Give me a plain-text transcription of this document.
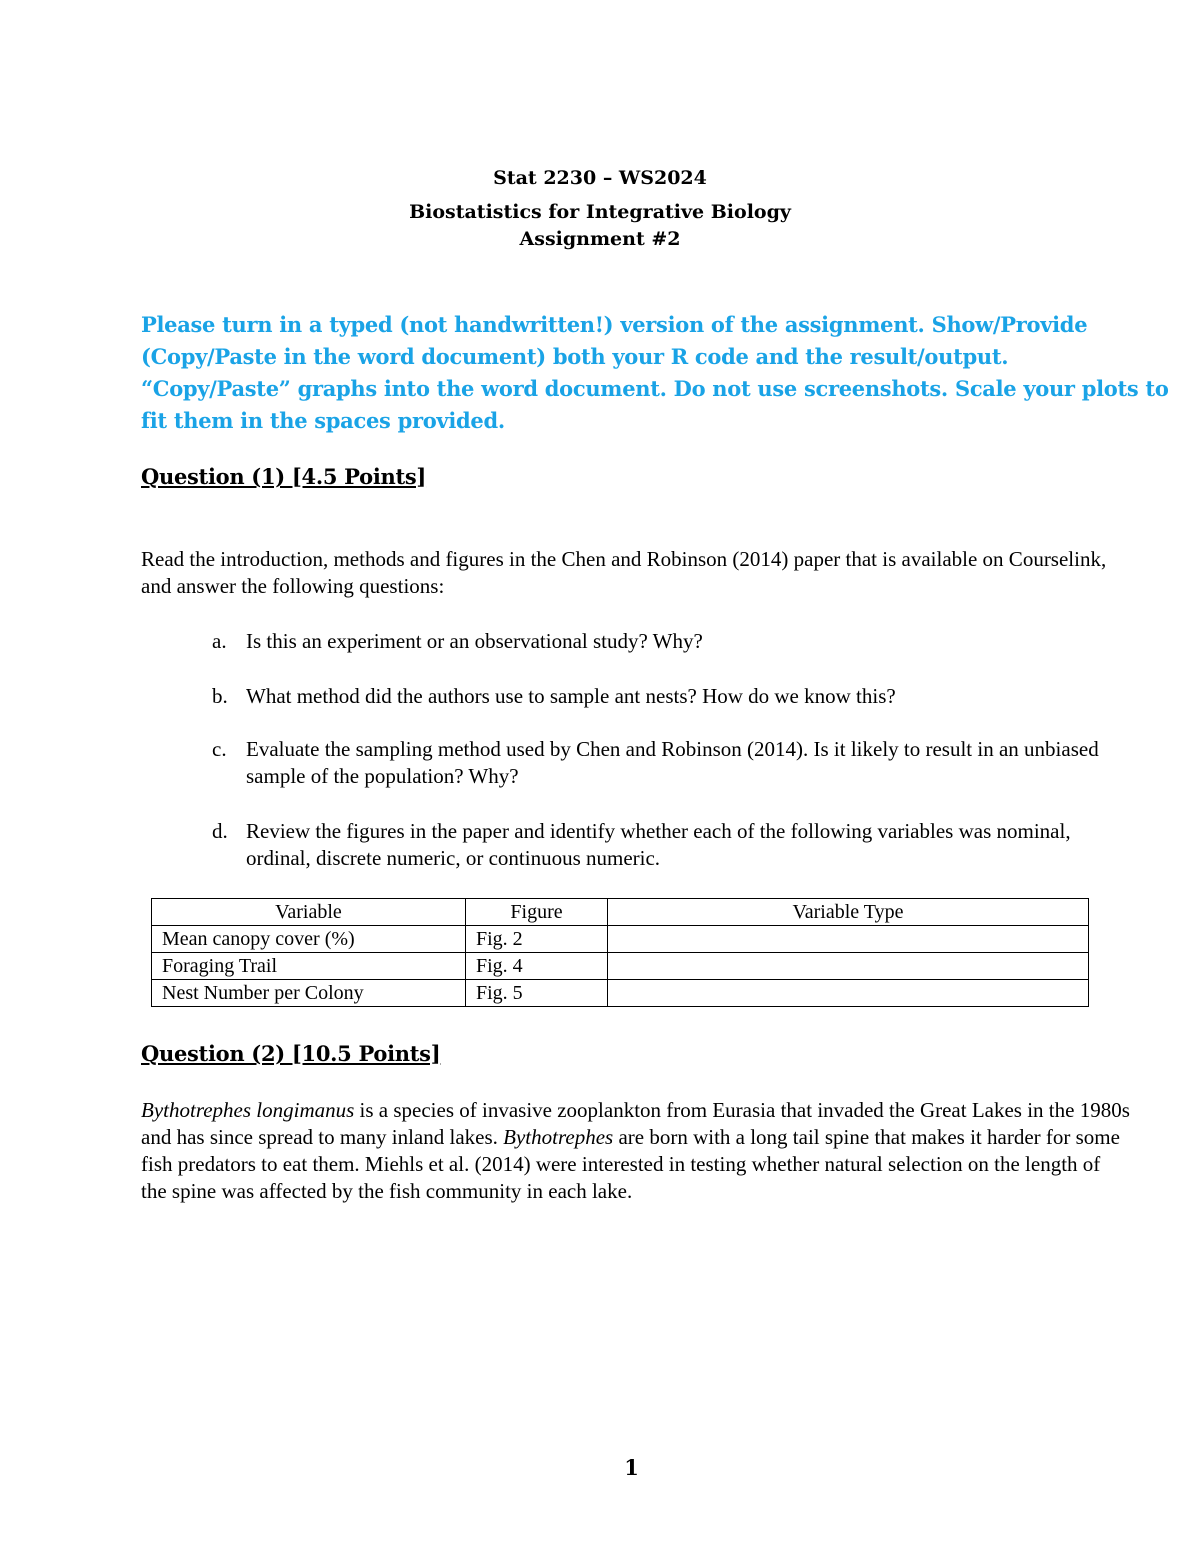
Stat 2230 – WS2024
Biostatistics for Integrative Biology
Assignment #2
Please turn in a typed (not handwritten!) version of the assignment. Show/Provide
(Copy/Paste in the word document) both your R code and the result/output.
“Copy/Paste” graphs into the word document. Do not use screenshots. Scale your plots to
fit them in the spaces provided.
Question (1) [4.5 Points]
Read the introduction, methods and figures in the Chen and Robinson (2014) paper that is available on Courselink, and answer the following questions:
a. Is this an experiment or an observational study? Why?
b. What method did the authors use to sample ant nests? How do we know this?
c. Evaluate the sampling method used by Chen and Robinson (2014). Is it likely to result in an unbiased sample of the population? Why?
d. Review the figures in the paper and identify whether each of the following variables was nominal, ordinal, discrete numeric, or continuous numeric.
Variable	Figure	Variable Type
Mean canopy cover (%)	Fig. 2	
Foraging Trail	Fig. 4	
Nest Number per Colony	Fig. 5	
Question (2) [10.5 Points]
Bythotrephes longimanus is a species of invasive zooplankton from Eurasia that invaded the Great Lakes in the 1980s and has since spread to many inland lakes. Bythotrephes are born with a long tail spine that makes it harder for some fish predators to eat them. Miehls et al. (2014) were interested in testing whether natural selection on the length of the spine was affected by the fish community in each lake.
1
